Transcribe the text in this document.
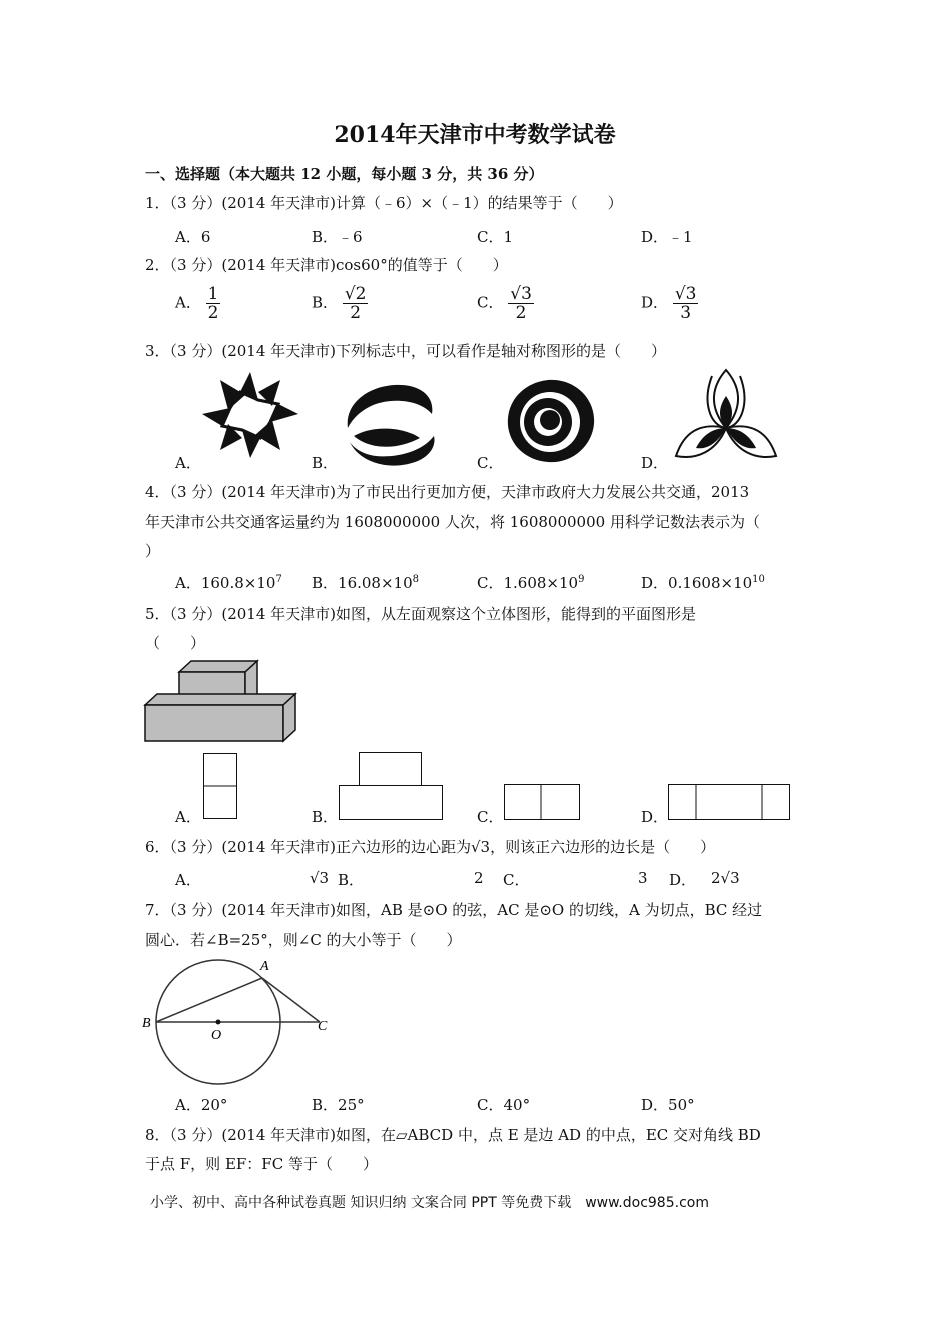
2014年天津市中考数学试卷
一、选择题（本大题共 12 小题，每小题 3 分，共 36 分）
1．（3 分）(2014 年天津市)计算（﹣6）×（﹣1）的结果等于（　　）
A．6	B．﹣6	C．1	D．﹣1
2．（3 分）(2014 年天津市)cos60°的值等于（　　）
A． $\frac{1}{2}$	B． $\frac{√2}{2}$	C． $\frac{√3}{2}$	D． $\frac{√3}{3}$
3．（3 分）(2014 年天津市)下列标志中，可以看作是轴对称图形的是（　　）
A．	B．	C．	D．
4．（3 分）(2014 年天津市)为了市民出行更加方便，天津市政府大力发展公共交通，2013
年天津市公共交通客运量约为 1608000000 人次，将 1608000000 用科学记数法表示为（
）
A．$160.8\times 10^7$ B．$16.08\times 10^8$	C．$1.608\times 10^9$	D．$0.1608\times 10^{10}$
5．（3 分）(2014 年天津市)如图，从左面观察这个立体图形，能得到的平面图形是
（　　）
A．	B．	C．	D．
6．（3 分）(2014 年天津市)正六边形的边心距为√3，则该正六边形的边长是（　　）
A．	√3 B．	2 C．	3 D． 2√3
7．（3 分）(2014 年天津市)如图，AB 是⊙O 的弦，AC 是⊙O 的切线，A 为切点，BC 经过
圆心．若∠B=25°，则∠C 的大小等于（　　）
A
B
O
C
A．20°	B．25°	C．40°	D．50°
8．（3 分）(2014 年天津市)如图，在▱ABCD 中，点 E 是边 AD 的中点，EC 交对角线 BD
于点 F，则 EF：FC 等于（　　）
小学、初中、高中各种试卷真题 知识归纳 文案合同 PPT 等免费下载　www.doc985.com
